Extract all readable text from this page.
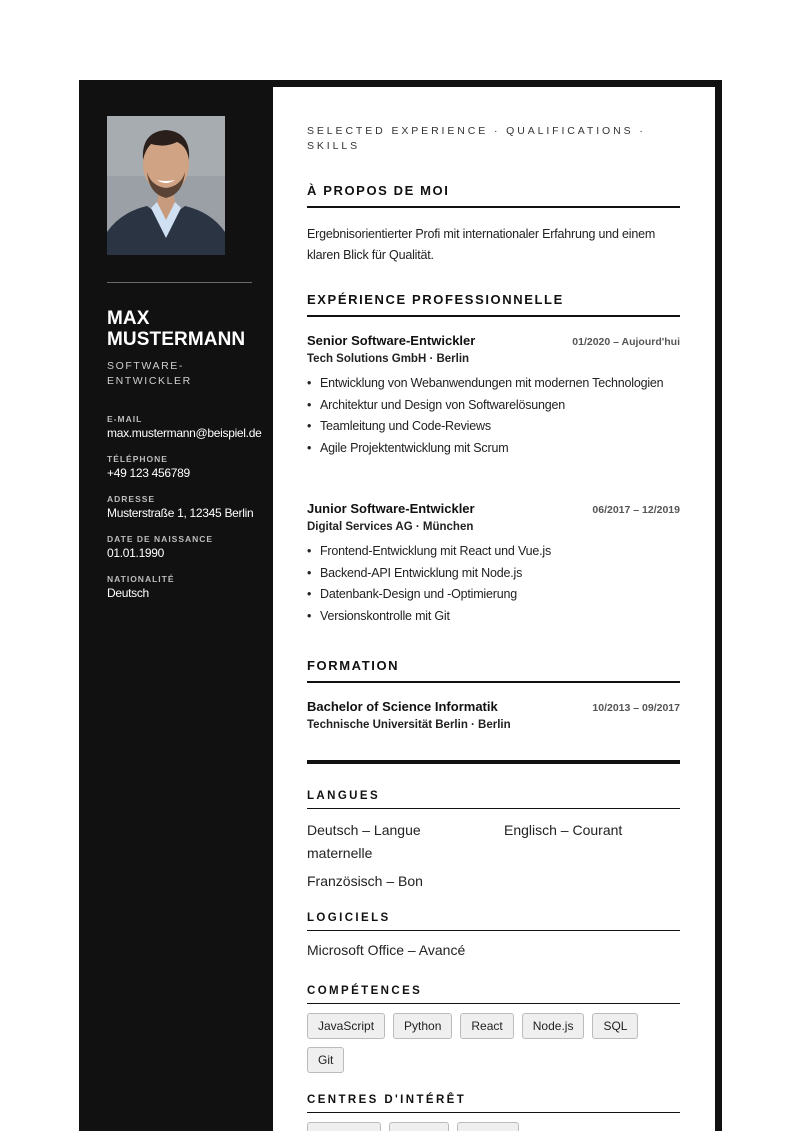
MAX
MUSTERMANN
SOFTWARE-ENTWICKLER
E-MAIL
max.mustermann@beispiel.de
TÉLÉPHONE
+49 123 456789
ADRESSE
Musterstraße 1, 12345 Berlin
DATE DE NAISSANCE
01.01.1990
NATIONALITÉ
Deutsch
SELECTED EXPERIENCE · QUALIFICATIONS · SKILLS
À PROPOS DE MOI

Ergebnisorientierter Profi mit internationaler Erfahrung und einem klaren Blick für Qualität.

EXPÉRIENCE PROFESSIONNELLE
Senior Software-Entwickler	01/2020 – Aujourd'hui
Tech Solutions GmbH · Berlin
• Entwicklung von Webanwendungen mit modernen Technologien
• Architektur und Design von Softwarelösungen
• Teamleitung und Code-Reviews
• Agile Projektentwicklung mit Scrum
Junior Software-Entwickler	06/2017 – 12/2019
Digital Services AG · München
• Frontend-Entwicklung mit React und Vue.js
• Backend-API Entwicklung mit Node.js
• Datenbank-Design und -Optimierung
• Versionskontrolle mit Git
FORMATION
Bachelor of Science Informatik	10/2013 – 09/2017
Technische Universität Berlin · Berlin
LANGUES
Deutsch – Langue maternelle
Englisch – Courant
Französisch – Bon
LOGICIELS
Microsoft Office – Avancé
COMPÉTENCES
JavaScript	Python	React	Node.js	SQL
Git
CENTRES D'INTÉRÊT
